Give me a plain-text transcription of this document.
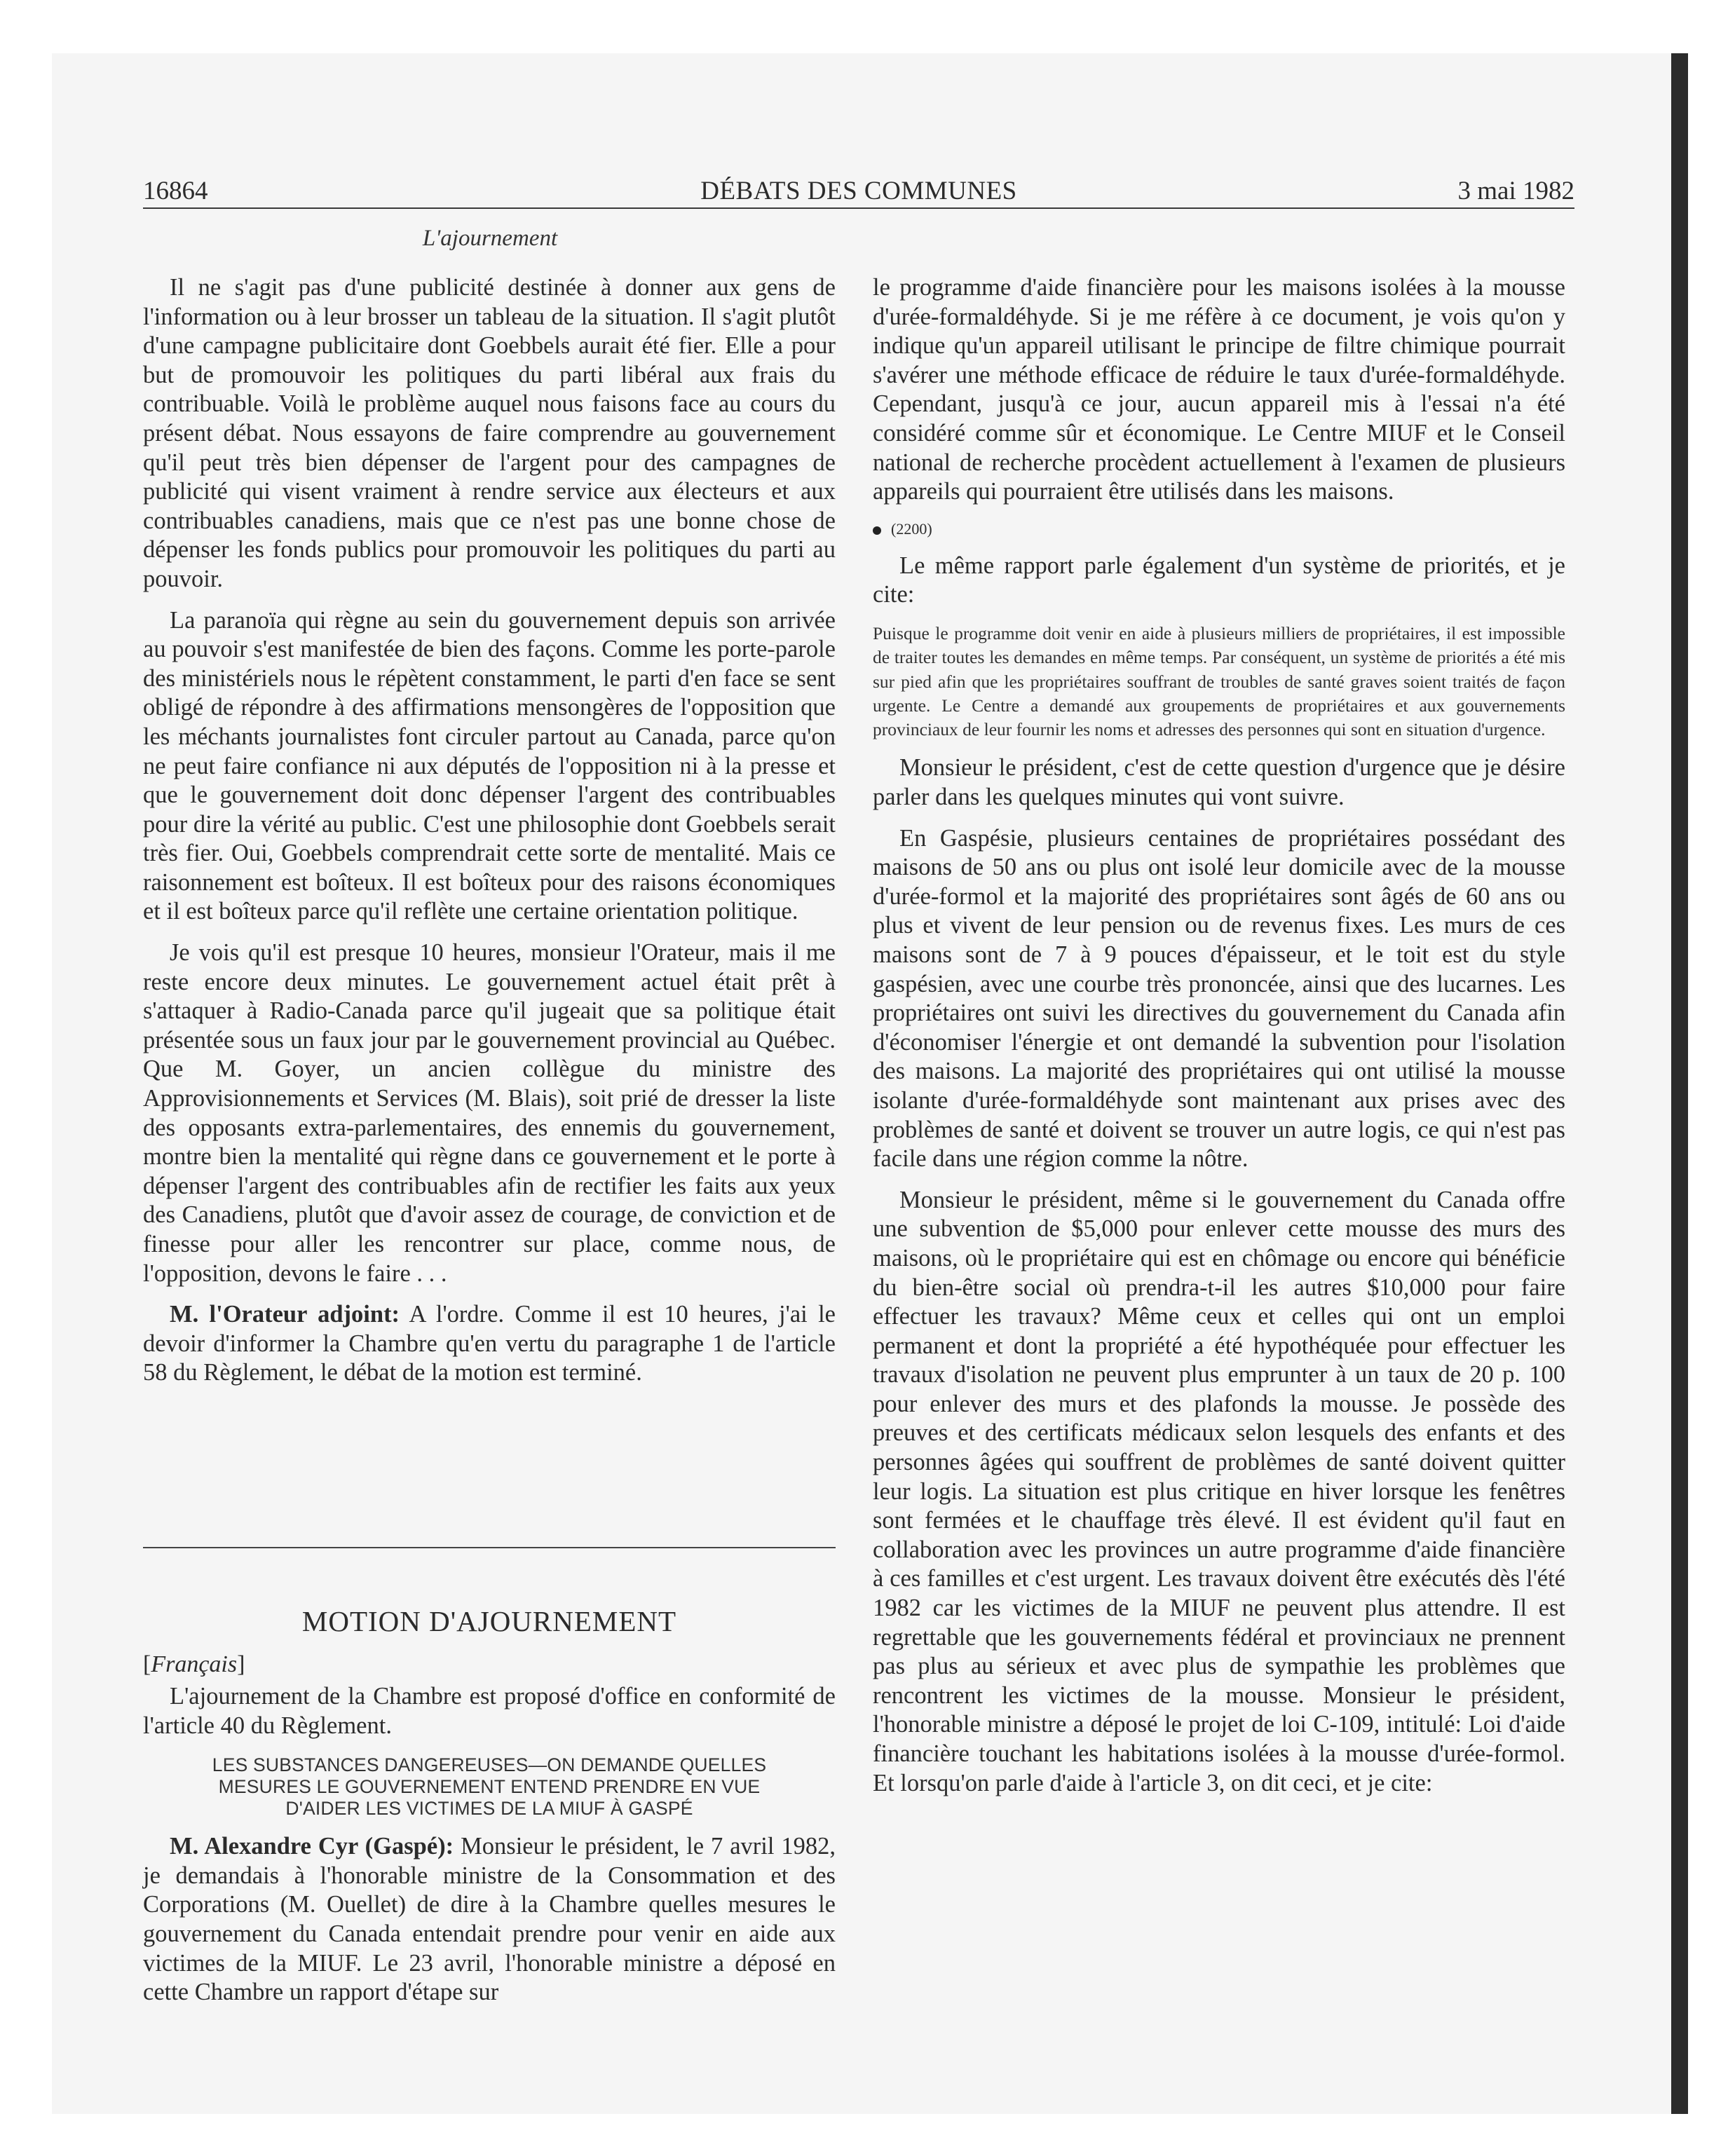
16864	DÉBATS DES COMMUNES	3 mai 1982
L'ajournement

Il ne s'agit pas d'une publicité destinée à donner aux gens de l'information ou à leur brosser un tableau de la situation. Il s'agit plutôt d'une campagne publicitaire dont Goebbels aurait été fier. Elle a pour but de promouvoir les politiques du parti libéral aux frais du contribuable. Voilà le problème auquel nous faisons face au cours du présent débat. Nous essayons de faire comprendre au gouvernement qu'il peut très bien dépenser de l'argent pour des campagnes de publicité qui visent vraiment à rendre service aux électeurs et aux contribuables canadiens, mais que ce n'est pas une bonne chose de dépenser les fonds publics pour promouvoir les politiques du parti au pouvoir.

La paranoïa qui règne au sein du gouvernement depuis son arrivée au pouvoir s'est manifestée de bien des façons. Comme les porte-parole des ministériels nous le répètent constamment, le parti d'en face se sent obligé de répondre à des affirmations mensongères de l'opposition que les méchants journalistes font circuler partout au Canada, parce qu'on ne peut faire confiance ni aux députés de l'opposition ni à la presse et que le gouvernement doit donc dépenser l'argent des contribuables pour dire la vérité au public. C'est une philosophie dont Goebbels serait très fier. Oui, Goebbels comprendrait cette sorte de mentalité. Mais ce raisonnement est boîteux. Il est boîteux pour des raisons économiques et il est boîteux parce qu'il reflète une certaine orientation politique.

Je vois qu'il est presque 10 heures, monsieur l'Orateur, mais il me reste encore deux minutes. Le gouvernement actuel était prêt à s'attaquer à Radio-Canada parce qu'il jugeait que sa politique était présentée sous un faux jour par le gouvernement provincial au Québec. Que M. Goyer, un ancien collègue du ministre des Approvisionnements et Services (M. Blais), soit prié de dresser la liste des opposants extra-parlementaires, des ennemis du gouvernement, montre bien la mentalité qui règne dans ce gouvernement et le porte à dépenser l'argent des contribuables afin de rectifier les faits aux yeux des Canadiens, plutôt que d'avoir assez de courage, de conviction et de finesse pour aller les rencontrer sur place, comme nous, de l'opposition, devons le faire . . .

M. l'Orateur adjoint: A l'ordre. Comme il est 10 heures, j'ai le devoir d'informer la Chambre qu'en vertu du paragraphe 1 de l'article 58 du Règlement, le débat de la motion est terminé.

MOTION D'AJOURNEMENT
[Français]

L'ajournement de la Chambre est proposé d'office en conformité de l'article 40 du Règlement.

LES SUBSTANCES DANGEREUSES—ON DEMANDE QUELLES
MESURES LE GOUVERNEMENT ENTEND PRENDRE EN VUE
D'AIDER LES VICTIMES DE LA MIUF À GASPÉ

M. Alexandre Cyr (Gaspé): Monsieur le président, le 7 avril 1982, je demandais à l'honorable ministre de la Consommation et des Corporations (M. Ouellet) de dire à la Chambre quelles mesures le gouvernement du Canada entendait prendre pour venir en aide aux victimes de la MIUF. Le 23 avril, l'honorable ministre a déposé en cette Chambre un rapport d'étape sur

le programme d'aide financière pour les maisons isolées à la mousse d'urée-formaldéhyde. Si je me réfère à ce document, je vois qu'on y indique qu'un appareil utilisant le principe de filtre chimique pourrait s'avérer une méthode efficace de réduire le taux d'urée-formaldéhyde. Cependant, jusqu'à ce jour, aucun appareil mis à l'essai n'a été considéré comme sûr et économique. Le Centre MIUF et le Conseil national de recherche procèdent actuellement à l'examen de plusieurs appareils qui pourraient être utilisés dans les maisons.

(2200)

Le même rapport parle également d'un système de priorités, et je cite:

Puisque le programme doit venir en aide à plusieurs milliers de propriétaires, il est impossible de traiter toutes les demandes en même temps. Par conséquent, un système de priorités a été mis sur pied afin que les propriétaires souffrant de troubles de santé graves soient traités de façon urgente. Le Centre a demandé aux groupements de propriétaires et aux gouvernements provinciaux de leur fournir les noms et adresses des personnes qui sont en situation d'urgence.

Monsieur le président, c'est de cette question d'urgence que je désire parler dans les quelques minutes qui vont suivre.

En Gaspésie, plusieurs centaines de propriétaires possédant des maisons de 50 ans ou plus ont isolé leur domicile avec de la mousse d'urée-formol et la majorité des propriétaires sont âgés de 60 ans ou plus et vivent de leur pension ou de revenus fixes. Les murs de ces maisons sont de 7 à 9 pouces d'épaisseur, et le toit est du style gaspésien, avec une courbe très prononcée, ainsi que des lucarnes. Les propriétaires ont suivi les directives du gouvernement du Canada afin d'économiser l'énergie et ont demandé la subvention pour l'isolation des maisons. La majorité des propriétaires qui ont utilisé la mousse isolante d'urée-formaldéhyde sont maintenant aux prises avec des problèmes de santé et doivent se trouver un autre logis, ce qui n'est pas facile dans une région comme la nôtre.

Monsieur le président, même si le gouvernement du Canada offre une subvention de $5,000 pour enlever cette mousse des murs des maisons, où le propriétaire qui est en chômage ou encore qui bénéficie du bien-être social où prendra-t-il les autres $10,000 pour faire effectuer les travaux? Même ceux et celles qui ont un emploi permanent et dont la propriété a été hypothéquée pour effectuer les travaux d'isolation ne peuvent plus emprunter à un taux de 20 p. 100 pour enlever des murs et des plafonds la mousse. Je possède des preuves et des certificats médicaux selon lesquels des enfants et des personnes âgées qui souffrent de problèmes de santé doivent quitter leur logis. La situation est plus critique en hiver lorsque les fenêtres sont fermées et le chauffage très élevé. Il est évident qu'il faut en collaboration avec les provinces un autre programme d'aide financière à ces familles et c'est urgent. Les travaux doivent être exécutés dès l'été 1982 car les victimes de la MIUF ne peuvent plus attendre. Il est regrettable que les gouvernements fédéral et provinciaux ne prennent pas plus au sérieux et avec plus de sympathie les problèmes que rencontrent les victimes de la mousse. Monsieur le président, l'honorable ministre a déposé le projet de loi C-109, intitulé: Loi d'aide financière touchant les habitations isolées à la mousse d'urée-formol. Et lorsqu'on parle d'aide à l'article 3, on dit ceci, et je cite:
